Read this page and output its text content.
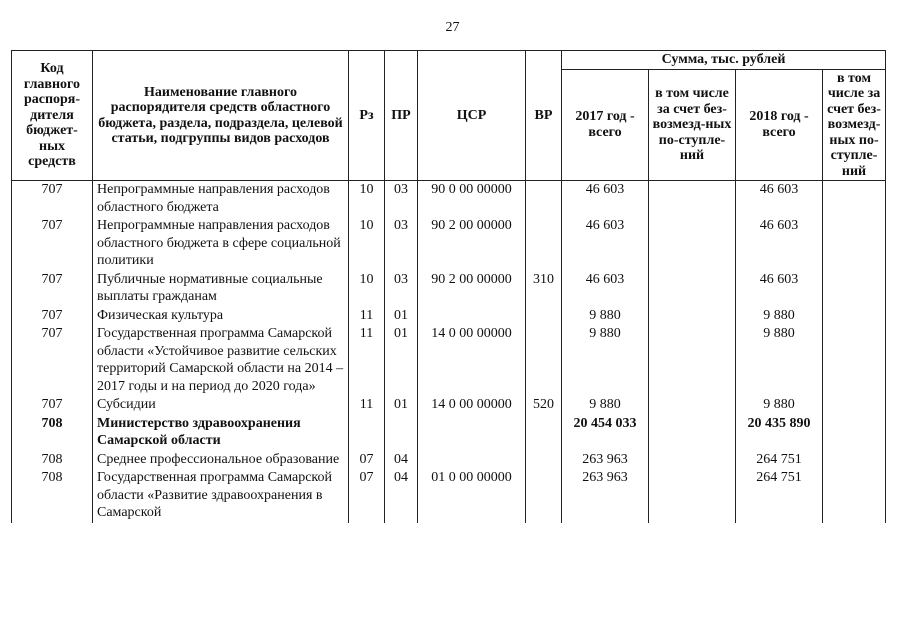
27
Код главного распоря-дителя бюджет-ных средств	Наименование главного распорядителя средств областного бюджета, раздела, подраздела, целевой статьи, подгруппы видов расходов	Рз	ПР	ЦСР	ВР	Сумма, тыс. рублей			
						2017 год - всего	в том числе за счет без-возмезд-ных по-ступле-ний	2018 год - всего	в том числе за счет без-возмезд-ных по-ступле-ний
707	Непрограммные направления расходов областного бюджета	10	03	90 0 00 00000		46 603		46 603	
707	Непрограммные направления расходов областного бюджета в сфере социальной политики	10	03	90 2 00 00000		46 603		46 603	
707	Публичные нормативные социальные выплаты гражданам	10	03	90 2 00 00000	310	46 603		46 603	
707	Физическая культура	11	01			9 880		9 880	
707	Государственная программа Самарской области «Устойчивое развитие сельских территорий Самарской области на 2014 – 2017 годы и на период до 2020 года»	11	01	14 0 00 00000		9 880		9 880	
707	Субсидии	11	01	14 0 00 00000	520	9 880		9 880	
708	Министерство здравоохранения Самарской области					20 454 033		20 435 890	
708	Среднее профессиональное образование	07	04			263 963		264 751	
708	Государственная программа Самарской области «Развитие здравоохранения в Самарской	07	04	01 0 00 00000		263 963		264 751	
